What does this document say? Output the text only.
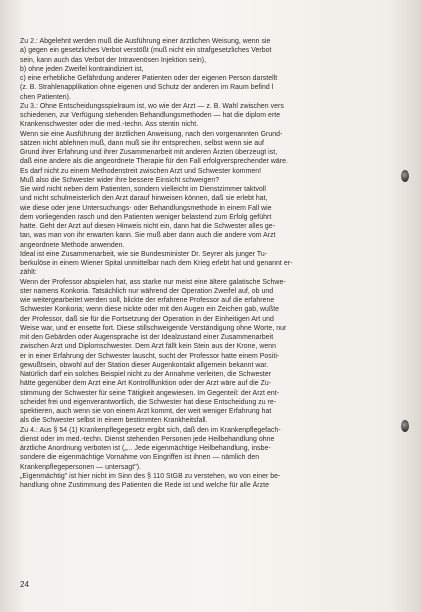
Zu 2.: Abgelehnt werden muß die Ausführung einer ärztlichen Weisung, wenn sie
a) gegen ein gesetzliches Verbot verstößt (muß nicht ein strafgesetzliches Verbot
sein, kann auch das Verbot der Intravenösen Injektion sein),
b) ohne jeden Zweifel kontraindiziert ist,
c) eine erhebliche Gefährdung anderer Patienten oder der eigenen Person darstellt
(z. B. Strahlenapplikation ohne eigenen und Schutz der anderen im Raum befind l
chen Patienten).
Zu 3.: Ohne Entscheidungsspielraum ist, wo wie der Arzt — z. B. Wahl zwischen vers
schiedenen, zur Verfügung stehenden Behandlungsmethoden — hat die diplom erte
Krankenschwester oder die med.-techn. Ass stentin nicht.
Wenn sie eine Ausführung der ärztlichen Anweisung, nach den vorgenannten Grund-
sätzen nicht ablehnen muß, dann muß sie ihr entsprechen, selbst wenn sie auf
Grund ihrer Erfahrung und ihrer Zusammenarbeit mit anderen Ärzten überzeugt ist,
daß eine andere als die angeordnete Therapie für den Fall erfolgversprechender wäre.
Es darf nicht zu einem Methodenstreit zwischen Arzt und Schwester kommen!
Muß also die Schwester wider ihre bessere Einsicht schweigen?
Sie wird nicht neben dem Patienten, sondern vielleicht im Dienstzimmer taktvoll
und nicht schulmeisterlich den Arzt darauf hinweisen können, daß sie erlebt hat,
wie diese oder jene Untersuchungs- oder Behandlungsmethode in einem Fall wie
dem vorliegenden rasch und den Patienten weniger belastend zum Erfolg geführt
hatte. Geht der Arzt auf diesen Hinweis nicht ein, dann hat die Schwester alles ge-
tan, was man von ihr erwarten kann. Sie muß aber dann auch die andere vom Arzt
angeordnete Methode anwenden.
Ideal ist eine Zusammenarbeit, wie sie Bundesminister Dr. Seyrer als junger Tu-
berkulöse in einem Wiener Spital unmittelbar nach dem Krieg erlebt hat und genannt er-
zählt:
Wenn der Professor abspielen hat, ass starke nur meist eine ältere galatische Schwe-
ster namens Konkoria. Tatsächlich nur während der Operation Zweifel auf, ob und
wie weitergearbeitet werden soll, blickte der erfahrene Professor auf die erfahrene
Schwester Konkoria; wenn diese nickte oder mit den Augen ein Zeichen gab, wußte
der Professor, daß sie für die Fortsetzung der Operation in der Einheitigen Art und
Weise war, und er ensette fort. Diese stillschweigende Verständigung ohne Worte, nur
mit den Gebärden oder Augensprache ist der Idealzustand einer Zusammenarbeit
zwischen Arzt und Diplomschwester. Dem Arzt fällt kein Stein aus der Krone, wenn
er in einer Erfahrung der Schwester lauscht, sucht der Professor hatte einem Positi-
gewußtsein, obwohl auf der Station dieser Augenkontakt allgemein bekannt war.
Natürlich darf ein solches Beispiel nicht zu der Annahme verleiten, die Schwester
hätte gegenüber dem Arzt eine Art Kontrollfunktion oder der Arzt wäre auf die Zu-
stimmung der Schwester für seine Tätigkeit angewiesen. Im Gegenteil: der Arzt ent-
scheidet frei und eigenverantwortlich, die Schwester hat diese Entscheidung zu re-
spektieren, auch wenn sie von einem Arzt kommt, der weit weniger Erfahrung hat
als die Schwester selbst in einem bestimmten Krankheitsfall.
Zu 4.: Aus § 54 (1) Krankenpflegegesetz ergibt sich, daß den im Krankenpflegefach-
dienst oder im med.-techn. Dienst stehenden Personen jede Heilbehandlung ohne
ärztliche Anordnung verboten ist („... Jede eigenmächtige Heilbehandlung, insbe-
sondere die eigenmächtige Vornahme von Eingriffen ist ihnen — nämlich den
Krankenpflegepersonen — untersagt").
„Eigenmächtig" ist hier nicht im Sinn des § 110 StGB zu verstehen, wo von einer be-
handlung ohne Zustimmung des Patienten die Rede ist und welche für alle Ärzte
24
